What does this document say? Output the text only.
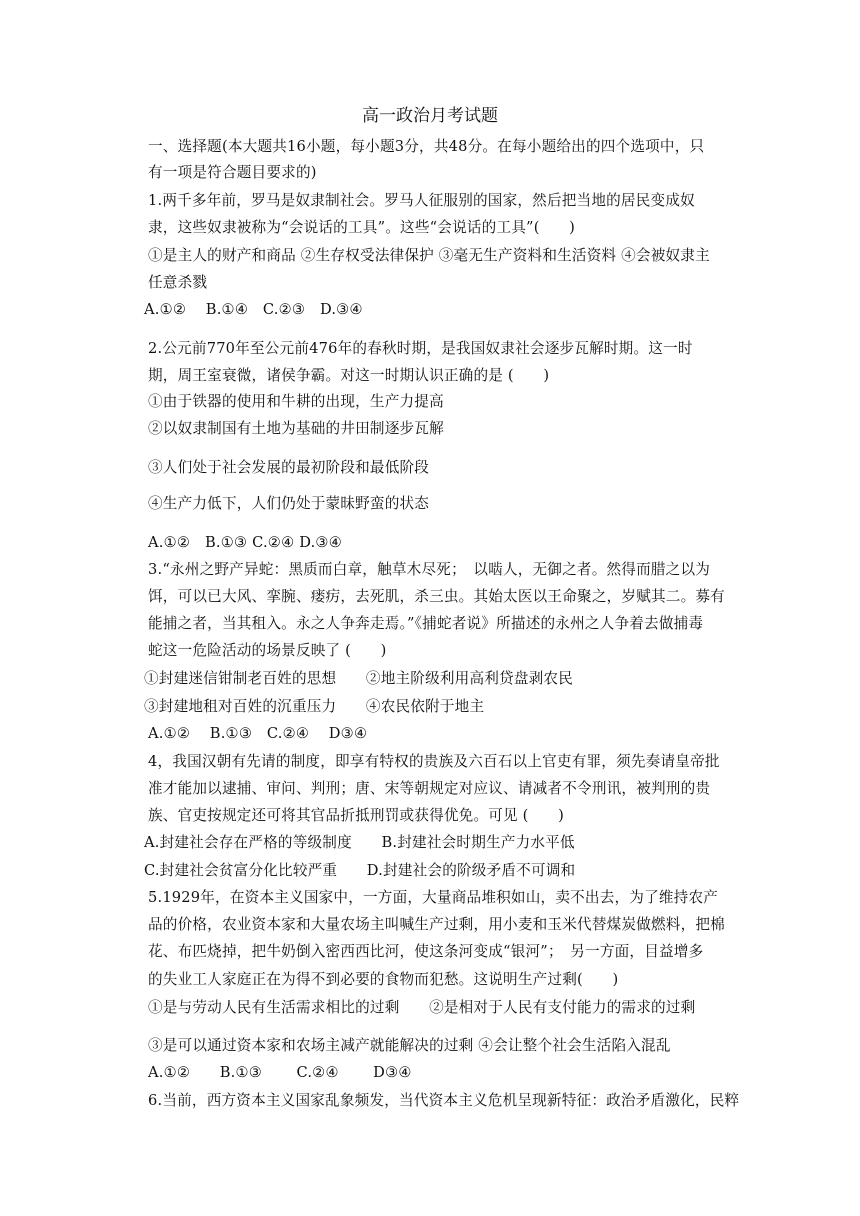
高一政治月考试题
一、选择题(本大题共16小题，每小题3分，共48分。在每小题给出的四个选项中，只
有一项是符合题目要求的)
1.两千多年前，罗马是奴隶制社会。罗马人征服别的国家，然后把当地的居民变成奴
隶，这些奴隶被称为“会说话的工具”。这些“会说话的工具”(　　)
①是主人的财产和商品 ②生存权受法律保护 ③毫无生产资料和生活资料 ④会被奴隶主
任意杀戮
A.①②　 B.①④　C.②③　D.③④
2.公元前770年至公元前476年的春秋时期，是我国奴隶社会逐步瓦解时期。这一时
期，周王室衰微，诸侯争霸。对这一时期认识正确的是 (　　)
①由于铁器的使用和牛耕的出现，生产力提高
②以奴隶制国有土地为基础的井田制逐步瓦解
③人们处于社会发展的最初阶段和最低阶段
④生产力低下，人们仍处于蒙昧野蛮的状态
A.①②　B.①③ C.②④ D.③④
3.“永州之野产异蛇：黑质而白章，触草木尽死；　以啮人，无御之者。然得而腊之以为
饵，可以已大风、挛腕、瘘疠，去死肌，杀三虫。其始太医以王命聚之，岁赋其二。募有
能捕之者，当其租入。永之人争奔走焉。”《捕蛇者说》所描述的永州之人争着去做捕毒
蛇这一危险活动的场景反映了 (　　)
①封建迷信钳制老百姓的思想　　②地主阶级利用高利贷盘剥农民
③封建地租对百姓的沉重压力　　④农民依附于地主
A.①②　 B.①③　C.②④　 D③④
4，我国汉朝有先请的制度，即享有特权的贵族及六百石以上官吏有罪，须先奏请皇帝批
准才能加以逮捕、审问、判刑；唐、宋等朝规定对应议、请减者不令刑讯，被判刑的贵
族、官吏按规定还可将其官品折抵刑罚或获得优免。可见 (　　)
A.封建社会存在严格的等级制度　　B.封建社会时期生产力水平低
C.封建社会贫富分化比较严重　　D.封建社会的阶级矛盾不可调和
5.1929年，在资本主义国家中，一方面，大量商品堆积如山，卖不出去，为了维持农产
品的价格，农业资本家和大量农场主叫喊生产过剩，用小麦和玉米代替煤炭做燃料，把棉
花、布匹烧掉，把牛奶倒入密西西比河，使这条河变成“银河”；　另一方面，目益增多
的失业工人家庭正在为得不到必要的食物而犯愁。这说明生产过剩(　　)
①是与劳动人民有生活需求相比的过剩　　②是相对于人民有支付能力的需求的过剩
③是可以通过资本家和农场主减产就能解决的过剩 ④会让整个社会生活陷入混乱
A.①②　　B.①③　　 C.②④　　 D③④
6.当前，西方资本主义国家乱象频发，当代资本主义危机呈现新特征：政治矛盾激化，民粹
